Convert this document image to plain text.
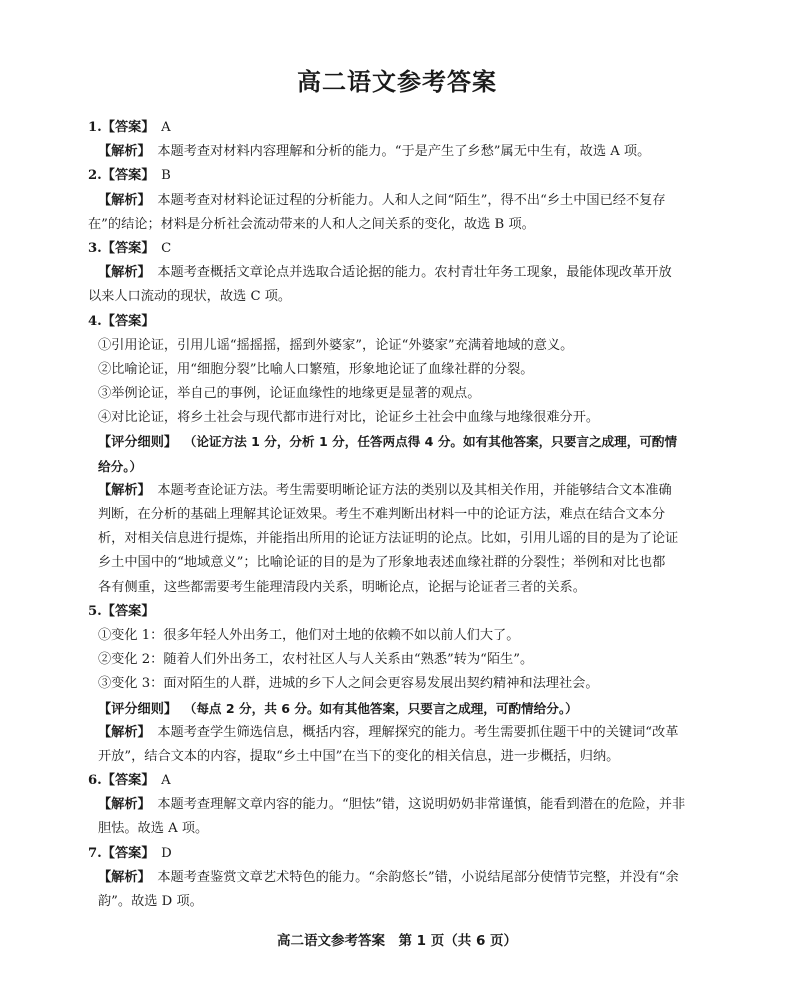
高二语文参考答案
1.【答案】  A
【解析】  本题考查对材料内容理解和分析的能力。“于是产生了乡愁”属无中生有，故选 A 项。
2.【答案】  B
【解析】  本题考查对材料论证过程的分析能力。人和人之间“陌生”，得不出“乡土中国已经不复存
在”的结论；材料是分析社会流动带来的人和人之间关系的变化，故选 B 项。
3.【答案】  C
【解析】  本题考查概括文章论点并选取合适论据的能力。农村青壮年务工现象，最能体现改革开放
以来人口流动的现状，故选 C 项。
4.【答案】 
①引用论证，引用儿谣“摇摇摇，摇到外婆家”，论证“外婆家”充满着地域的意义。
②比喻论证，用“细胞分裂”比喻人口繁殖，形象地论证了血缘社群的分裂。
③举例论证，举自己的事例，论证血缘性的地缘更是显著的观点。
④对比论证，将乡土社会与现代都市进行对比，论证乡土社会中血缘与地缘很难分开。
【评分细则】  （论证方法 1 分，分析 1 分，任答两点得 4 分。如有其他答案，只要言之成理，可酌情
给分。）
【解析】  本题考查论证方法。考生需要明晰论证方法的类别以及其相关作用，并能够结合文本准确
判断，在分析的基础上理解其论证效果。考生不难判断出材料一中的论证方法，难点在结合文本分
析，对相关信息进行提炼，并能指出所用的论证方法证明的论点。比如，引用儿谣的目的是为了论证
乡土中国中的“地域意义”；比喻论证的目的是为了形象地表述血缘社群的分裂性；举例和对比也都
各有侧重，这些都需要考生能理清段内关系，明晰论点，论据与论证者三者的关系。
5.【答案】 
①变化 1：很多年轻人外出务工，他们对土地的依赖不如以前人们大了。
②变化 2：随着人们外出务工，农村社区人与人关系由“熟悉”转为“陌生”。
③变化 3：面对陌生的人群，进城的乡下人之间会更容易发展出契约精神和法理社会。
【评分细则】  （每点 2 分，共 6 分。如有其他答案，只要言之成理，可酌情给分。）
【解析】  本题考查学生筛选信息，概括内容，理解探究的能力。考生需要抓住题干中的关键词“改革
开放”，结合文本的内容，提取“乡土中国”在当下的变化的相关信息，进一步概括，归纳。
6.【答案】  A
【解析】  本题考查理解文章内容的能力。“胆怯”错，这说明奶奶非常谨慎，能看到潜在的危险，并非
胆怯。故选 A 项。
7.【答案】  D
【解析】  本题考查鉴赏文章艺术特色的能力。“余韵悠长”错，小说结尾部分使情节完整，并没有“余
韵”。故选 D 项。
高二语文参考答案　第 1 页（共 6 页）
